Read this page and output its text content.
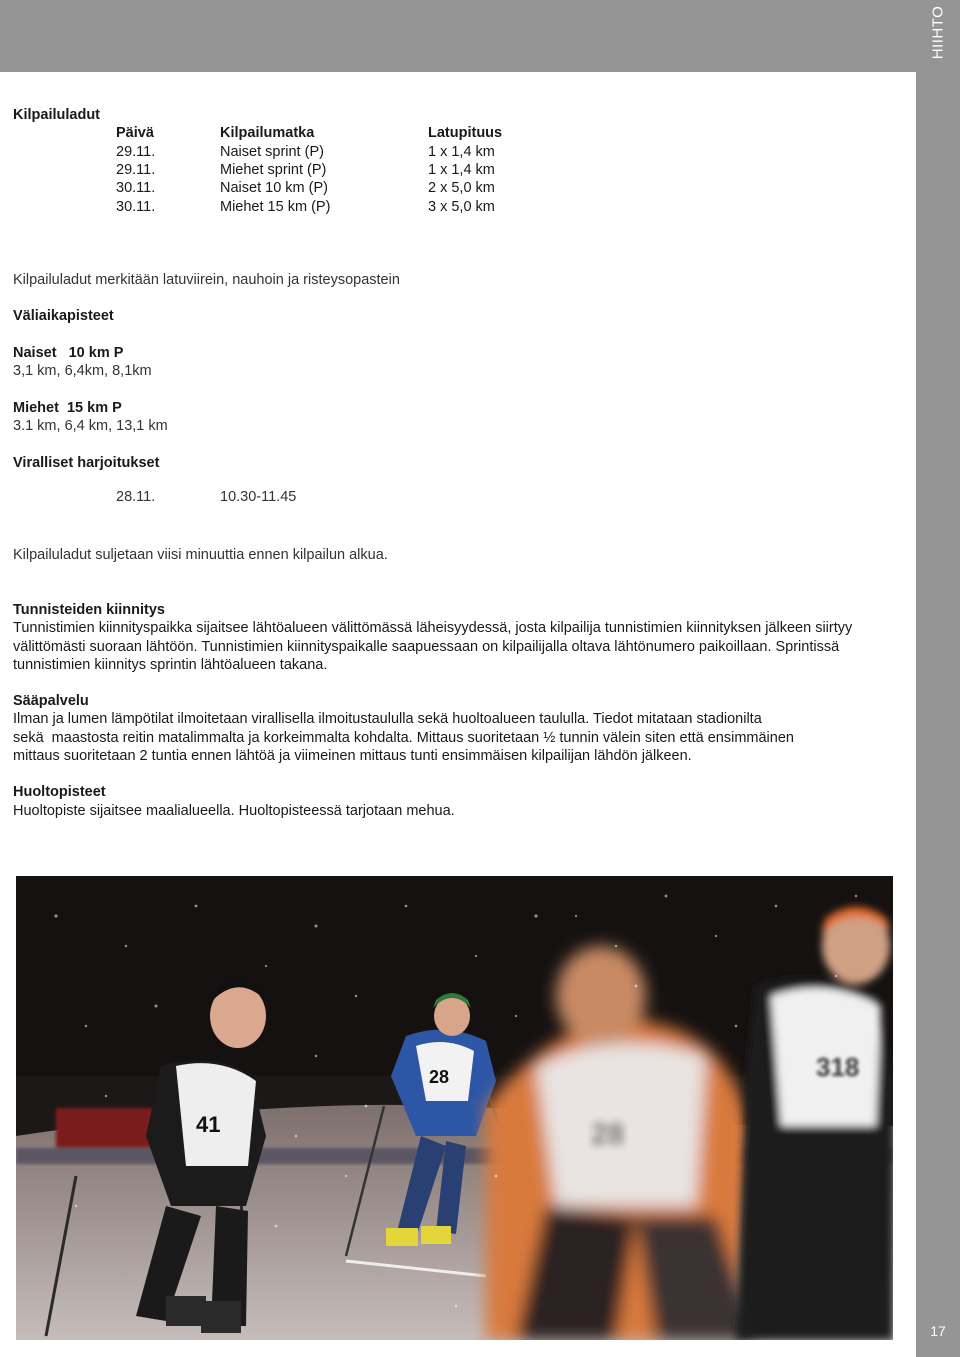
HIIHTO
17
Kilpailuladut
Päivä	Kilpailumatka	Latupituus
29.11.	Naiset sprint (P)	1 x 1,4 km
29.11.	Miehet sprint (P)	1 x 1,4 km
30.11.	Naiset 10 km (P)	2 x 5,0 km
30.11.	Miehet 15 km (P)	3 x 5,0 km
Kilpailuladut merkitään latuviirein, nauhoin ja risteysopastein
Väliaikapisteet
Naiset   10 km P
3,1 km, 6,4km, 8,1km
Miehet  15 km P
3.1 km, 6,4 km, 13,1 km
Viralliset harjoitukset
28.11.	10.30-11.45
Kilpailuladut suljetaan viisi minuuttia ennen kilpailun alkua.
Tunnisteiden kiinnitys
Tunnistimien kiinnityspaikka sijaitsee lähtöalueen välittömässä läheisyydessä, josta kilpailija tunnistimien kiinnityksen jälkeen siirtyy välittömästi suoraan lähtöön. Tunnistimien kiinnityspaikalle saapuessaan on kilpailijalla oltava lähtönumero paikoillaan. Sprintissä tunnistimien kiinnitys sprintin lähtöalueen takana.
Sääpalvelu
Ilman ja lumen lämpötilat ilmoitetaan virallisella ilmoitustaululla sekä huoltoalueen taululla. Tiedot mitataan stadionilta
sekä  maastosta reitin matalimmalta ja korkeimmalta kohdalta. Mittaus suoritetaan ½ tunnin välein siten että ensimmäinen
mittaus suoritetaan 2 tuntia ennen lähtöä ja viimeinen mittaus tunti ensimmäisen kilpailijan lähdön jälkeen.
Huoltopisteet
Huoltopiste sijaitsee maalialueella. Huoltopisteessä tarjotaan mehua.
41
28
28
318
